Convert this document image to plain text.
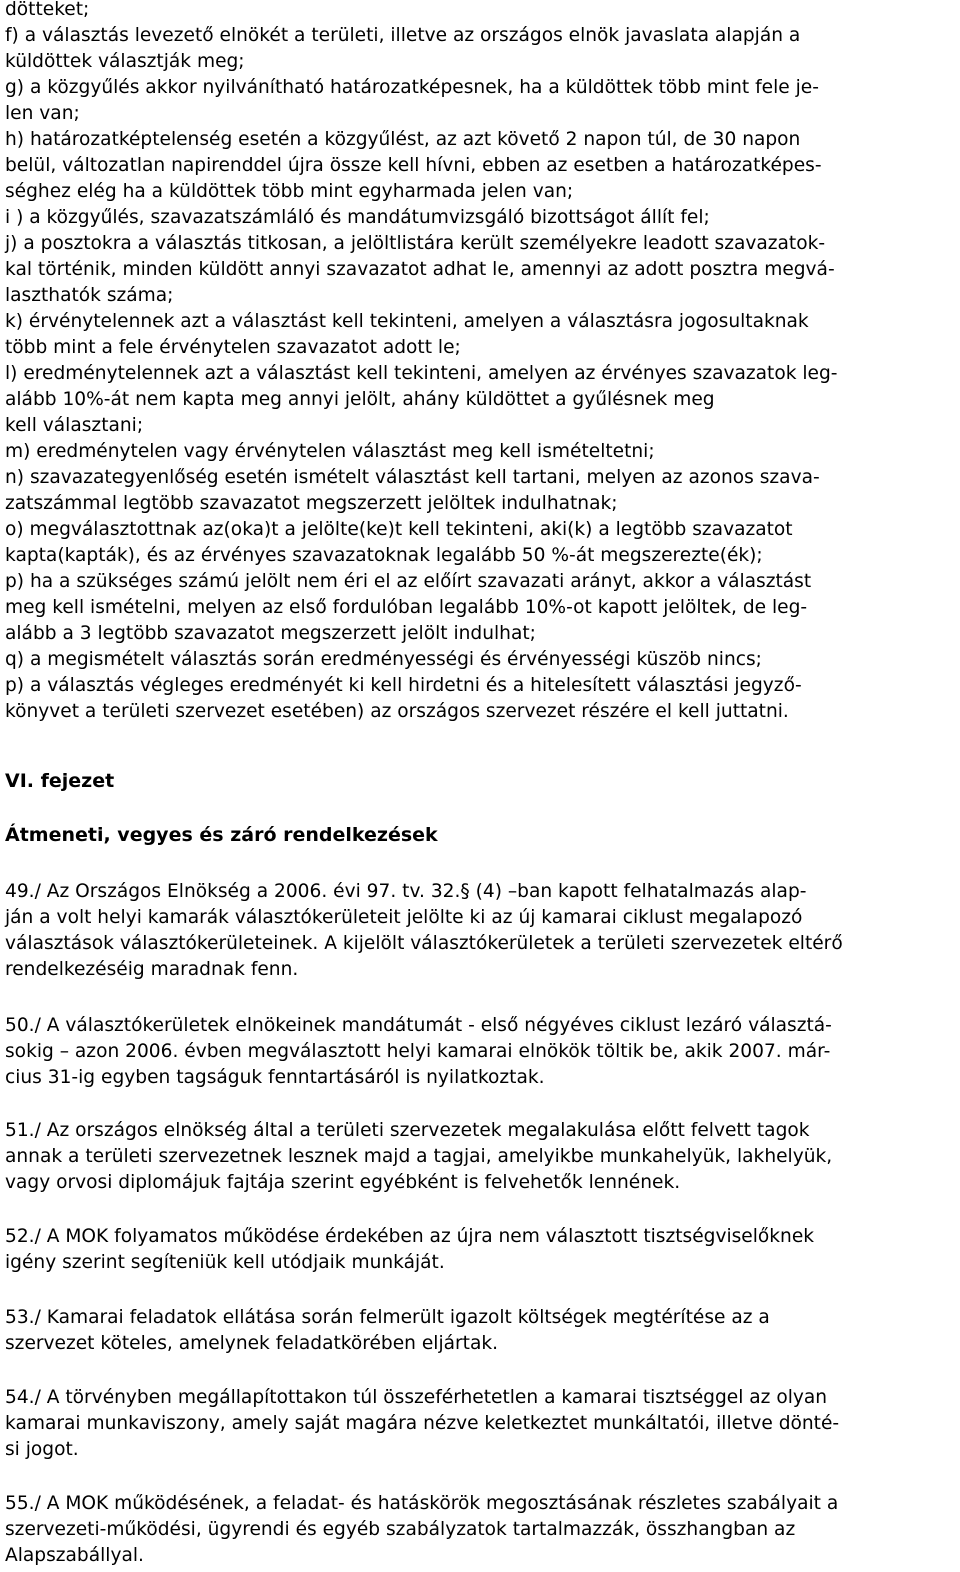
dötteket;
f) a választás levezető elnökét a területi, illetve az országos elnök javaslata alapján a
küldöttek választják meg;
g) a közgyűlés akkor nyilvánítható határozatképesnek, ha a küldöttek több mint fele je-
len van;
h) határozatképtelenség esetén a közgyűlést, az azt követő 2 napon túl, de 30 napon
belül, változatlan napirenddel újra össze kell hívni, ebben az esetben a határozatképes-
séghez elég ha a küldöttek több mint egyharmada jelen van;
i ) a közgyűlés, szavazatszámláló és mandátumvizsgáló bizottságot állít fel;
j) a posztokra a választás titkosan, a jelöltlistára került személyekre leadott szavazatok-
kal történik, minden küldött annyi szavazatot adhat le, amennyi az adott posztra megvá-
laszthatók száma;
k) érvénytelennek azt a választást kell tekinteni, amelyen a választásra jogosultaknak
több mint a fele érvénytelen szavazatot adott le;
l) eredménytelennek azt a választást kell tekinteni, amelyen az érvényes szavazatok leg-
alább 10%-át nem kapta meg annyi jelölt, ahány küldöttet a gyűlésnek meg
kell választani;
m) eredménytelen vagy érvénytelen választást meg kell ismételtetni;
n) szavazategyenlőség esetén ismételt választást kell tartani, melyen az azonos szava-
zatszámmal legtöbb szavazatot megszerzett jelöltek indulhatnak;
o) megválasztottnak az(oka)t a jelölte(ke)t kell tekinteni, aki(k) a legtöbb szavazatot
kapta(kapták), és az érvényes szavazatoknak legalább 50 %-át megszerezte(ék);
p) ha a szükséges számú jelölt nem éri el az előírt szavazati arányt, akkor a választást
meg kell ismételni, melyen az első fordulóban legalább 10%-ot kapott jelöltek, de leg-
alább a 3 legtöbb szavazatot megszerzett jelölt indulhat;
q) a megismételt választás során eredményességi és érvényességi küszöb nincs;
p) a választás végleges eredményét ki kell hirdetni és a hitelesített választási jegyző-
könyvet a területi szervezet esetében) az országos szervezet részére el kell juttatni.
VI. fejezet
Átmeneti, vegyes és záró rendelkezések
49./ Az Országos Elnökség a 2006. évi 97. tv. 32.§ (4) –ban kapott felhatalmazás alap-
ján a volt helyi kamarák választókerületeit jelölte ki az új kamarai ciklust megalapozó
választások választókerületeinek. A kijelölt választókerületek a területi szervezetek eltérő
rendelkezéséig maradnak fenn.
50./ A választókerületek elnökeinek mandátumát - első négyéves ciklust lezáró választá-
sokig – azon 2006. évben megválasztott helyi kamarai elnökök töltik be, akik 2007. már-
cius 31-ig egyben tagságuk fenntartásáról is nyilatkoztak.
51./ Az országos elnökség által a területi szervezetek megalakulása előtt felvett tagok
annak a területi szervezetnek lesznek majd a tagjai, amelyikbe munkahelyük, lakhelyük,
vagy orvosi diplomájuk fajtája szerint egyébként is felvehetők lennének.
52./ A MOK folyamatos működése érdekében az újra nem választott tisztségviselőknek
igény szerint segíteniük kell utódjaik munkáját.
53./ Kamarai feladatok ellátása során felmerült igazolt költségek megtérítése az a
szervezet köteles, amelynek feladatkörében eljártak.
54./ A törvényben megállapítottakon túl összeférhetetlen a kamarai tisztséggel az olyan
kamarai munkaviszony, amely saját magára nézve keletkeztet munkáltatói, illetve dönté-
si jogot.
55./ A MOK működésének, a feladat- és hatáskörök megosztásának részletes szabályait a
szervezeti-működési, ügyrendi és egyéb szabályzatok tartalmazzák, összhangban az
Alapszabállyal.
